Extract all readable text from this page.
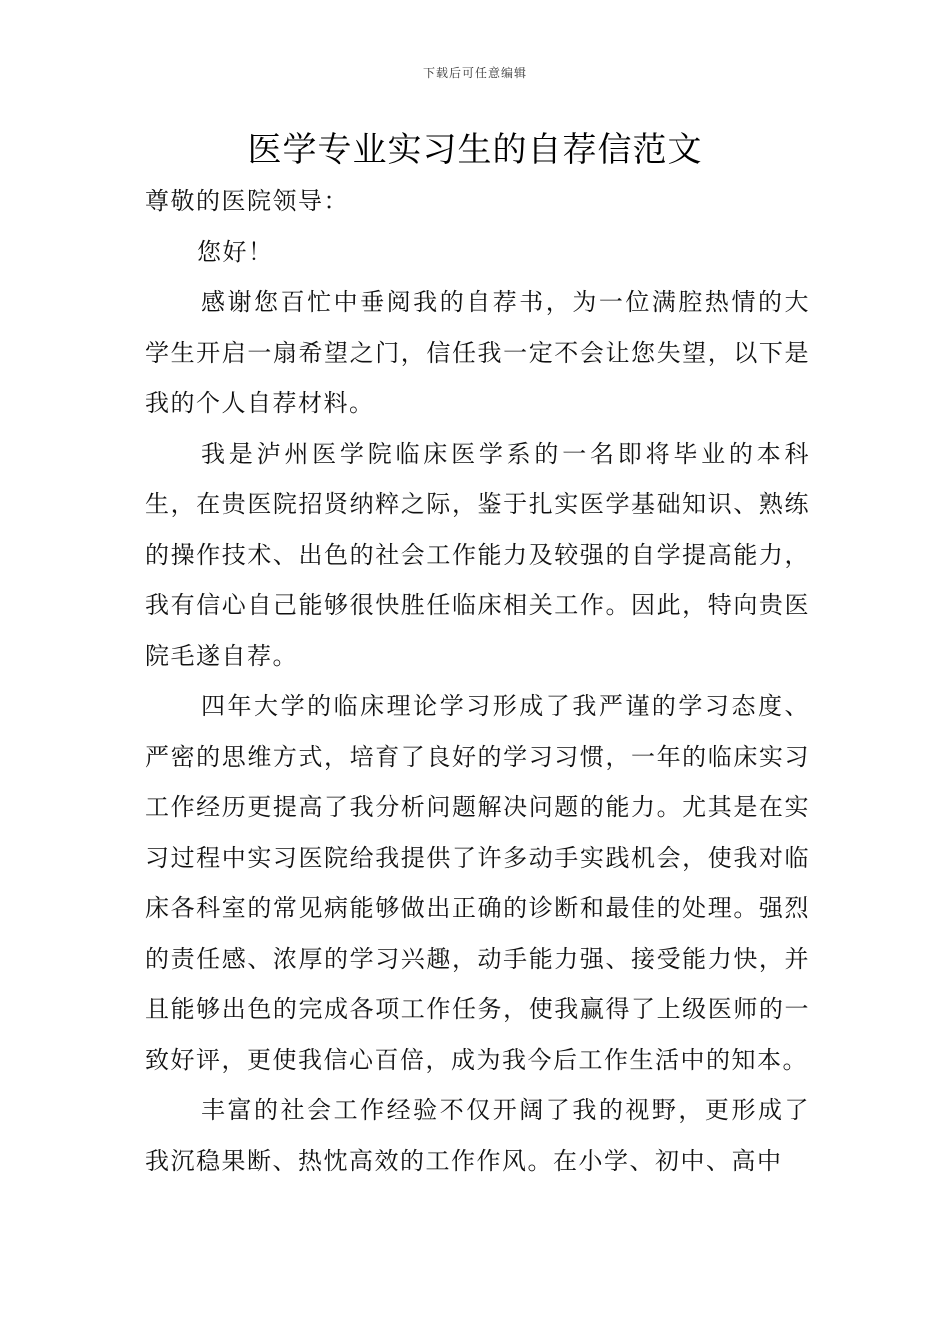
下载后可任意编辑
医学专业实习生的自荐信范文

尊敬的医院领导：

您好！

感谢您百忙中垂阅我的自荐书，为一位满腔热情的大学生开启一扇希望之门，信任我一定不会让您失望，以下是我的个人自荐材料。

我是泸州医学院临床医学系的一名即将毕业的本科生，在贵医院招贤纳粹之际，鉴于扎实医学基础知识、熟练的操作技术、出色的社会工作能力及较强的自学提高能力，我有信心自己能够很快胜任临床相关工作。因此，特向贵医院毛遂自荐。

四年大学的临床理论学习形成了我严谨的学习态度、严密的思维方式，培育了良好的学习习惯，一年的临床实习工作经历更提高了我分析问题解决问题的能力。尤其是在实习过程中实习医院给我提供了许多动手实践机会，使我对临床各科室的常见病能够做出正确的诊断和最佳的处理。强烈的责任感、浓厚的学习兴趣，动手能力强、接受能力快，并且能够出色的完成各项工作任务，使我赢得了上级医师的一致好评，更使我信心百倍，成为我今后工作生活中的知本。

丰富的社会工作经验不仅开阔了我的视野，更形成了我沉稳果断、热忱高效的工作作风。在小学、初中、高中
